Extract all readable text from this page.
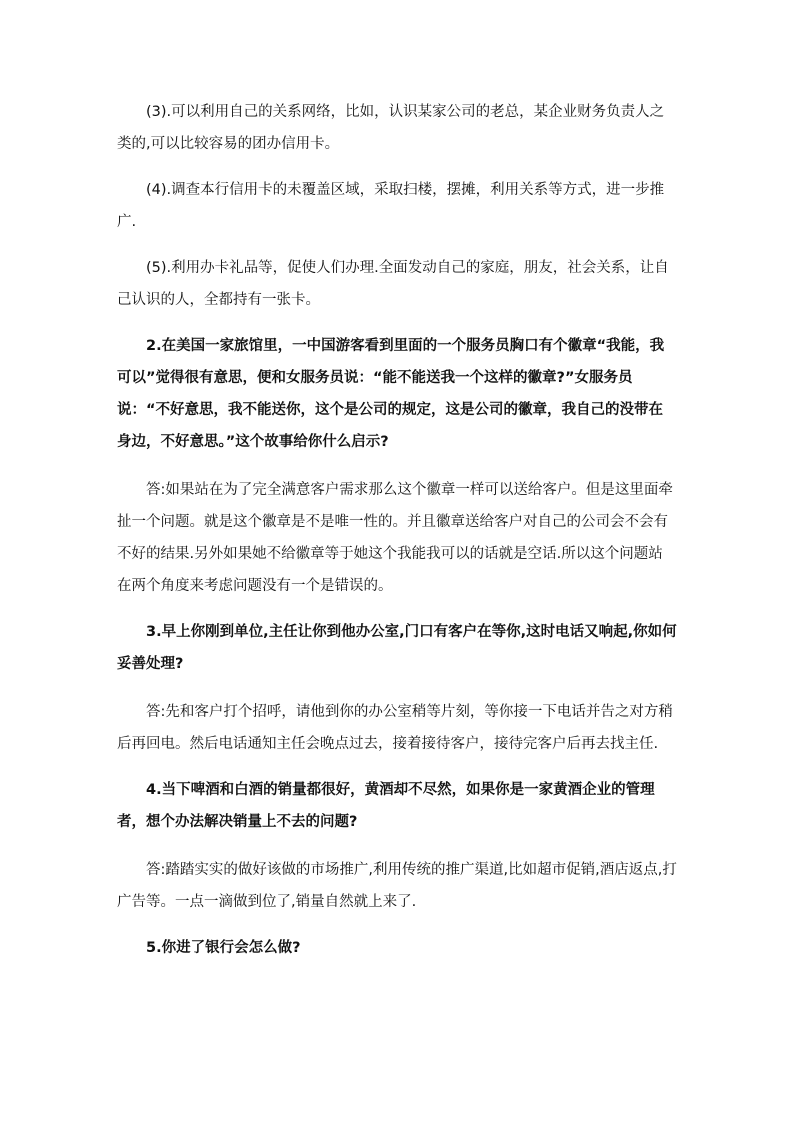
(3).可以利用自己的关系网络，比如，认识某家公司的老总，某企业财务负责人之类的,可以比较容易的团办信用卡。

(4).调查本行信用卡的未覆盖区域，采取扫楼，摆摊，利用关系等方式，进一步推广.

(5).利用办卡礼品等，促使人们办理.全面发动自己的家庭，朋友，社会关系，让自己认识的人，全都持有一张卡。

2.在美国一家旅馆里，一中国游客看到里面的一个服务员胸口有个徽章“我能，我可以”觉得很有意思，便和女服务员说：“能不能送我一个这样的徽章?”女服务员说：“不好意思，我不能送你，这个是公司的规定，这是公司的徽章，我自己的没带在身边，不好意思。”这个故事给你什么启示?

答:如果站在为了完全满意客户需求那么这个徽章一样可以送给客户。但是这里面牵扯一个问题。就是这个徽章是不是唯一性的。并且徽章送给客户对自己的公司会不会有不好的结果.另外如果她不给徽章等于她这个我能我可以的话就是空话.所以这个问题站在两个角度来考虑问题没有一个是错误的。

3.早上你刚到单位,主任让你到他办公室,门口有客户在等你,这时电话又响起,你如何妥善处理?

答:先和客户打个招呼，请他到你的办公室稍等片刻，等你接一下电话并告之对方稍后再回电。然后电话通知主任会晚点过去，接着接待客户，接待完客户后再去找主任.

4.当下啤酒和白酒的销量都很好，黄酒却不尽然，如果你是一家黄酒企业的管理者，想个办法解决销量上不去的问题?

答:踏踏实实的做好该做的市场推广,利用传统的推广渠道,比如超市促销,酒店返点,打广告等。一点一滴做到位了,销量自然就上来了.

5.你进了银行会怎么做?
